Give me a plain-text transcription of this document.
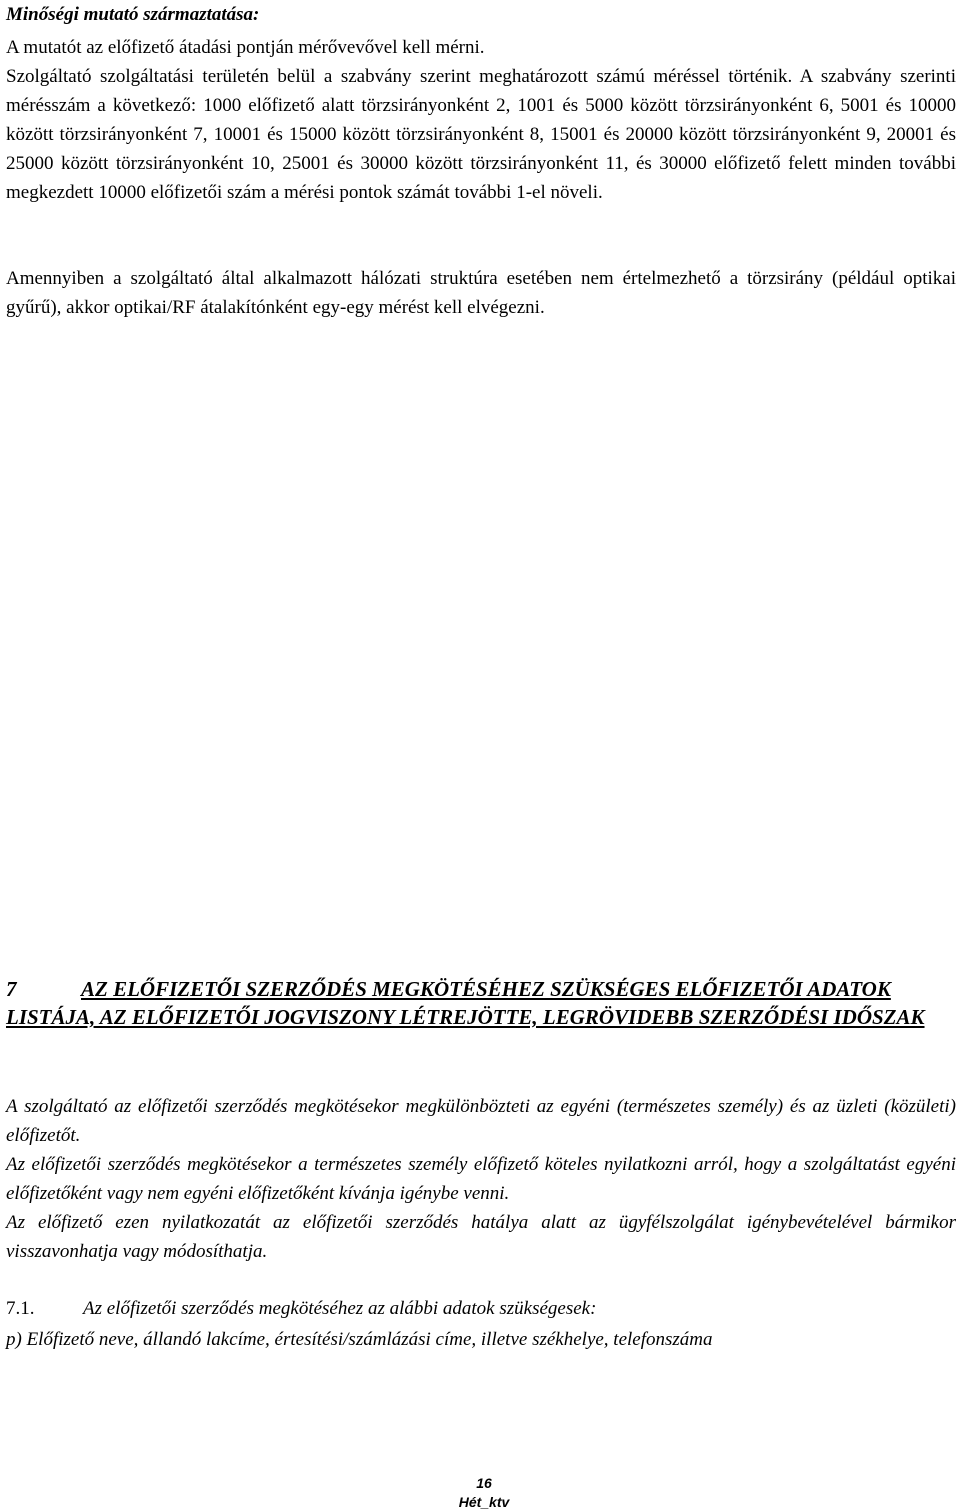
Minőségi mutató származtatása:
A mutatót az előfizető átadási pontján mérővevővel kell mérni.

Szolgáltató szolgáltatási területén belül a szabvány szerint meghatározott számú méréssel történik. A szabvány szerinti mérésszám a következő: 1000 előfizető alatt törzsirányonként 2, 1001 és 5000 között törzsirányonként 6, 5001 és 10000 között törzsirányonként 7, 10001 és 15000 között törzsirányonként 8, 15001 és 20000 között törzsirányonként 9, 20001 és 25000 között törzsirányonként 10, 25001 és 30000 között törzsirányonként 11, és 30000 előfizető felett minden további megkezdett 10000 előfizetői szám a mérési pontok számát további 1-el növeli.

Amennyiben a szolgáltató által alkalmazott hálózati struktúra esetében nem értelmezhető a törzsirány (például optikai gyűrű), akkor optikai/RF átalakítónként egy-egy mérést kell elvégezni.

7	AZ ELŐFIZETŐI SZERZŐDÉS MEGKÖTÉSÉHEZ SZÜKSÉGES ELŐFIZETŐI ADATOK LISTÁJA, AZ ELŐFIZETŐI JOGVISZONY LÉTREJÖTTE, LEGRÖVIDEBB SZERZŐDÉSI IDŐSZAK

A szolgáltató az előfizetői szerződés megkötésekor megkülönbözteti az egyéni (természetes személy) és az üzleti (közületi) előfizetőt.

Az előfizetői szerződés megkötésekor a természetes személy előfizető köteles nyilatkozni arról, hogy a szolgáltatást egyéni előfizetőként vagy nem egyéni előfizetőként kívánja igénybe venni.

Az előfizető ezen nyilatkozatát az előfizetői szerződés hatálya alatt az ügyfélszolgálat igénybevételével bármikor visszavonhatja vagy módosíthatja.

7.1.	Az előfizetői szerződés megkötéséhez az alábbi adatok szükségesek:
p) Előfizető neve, állandó lakcíme, értesítési/számlázási címe, illetve székhelye, telefonszáma
16
Hét_ktv
